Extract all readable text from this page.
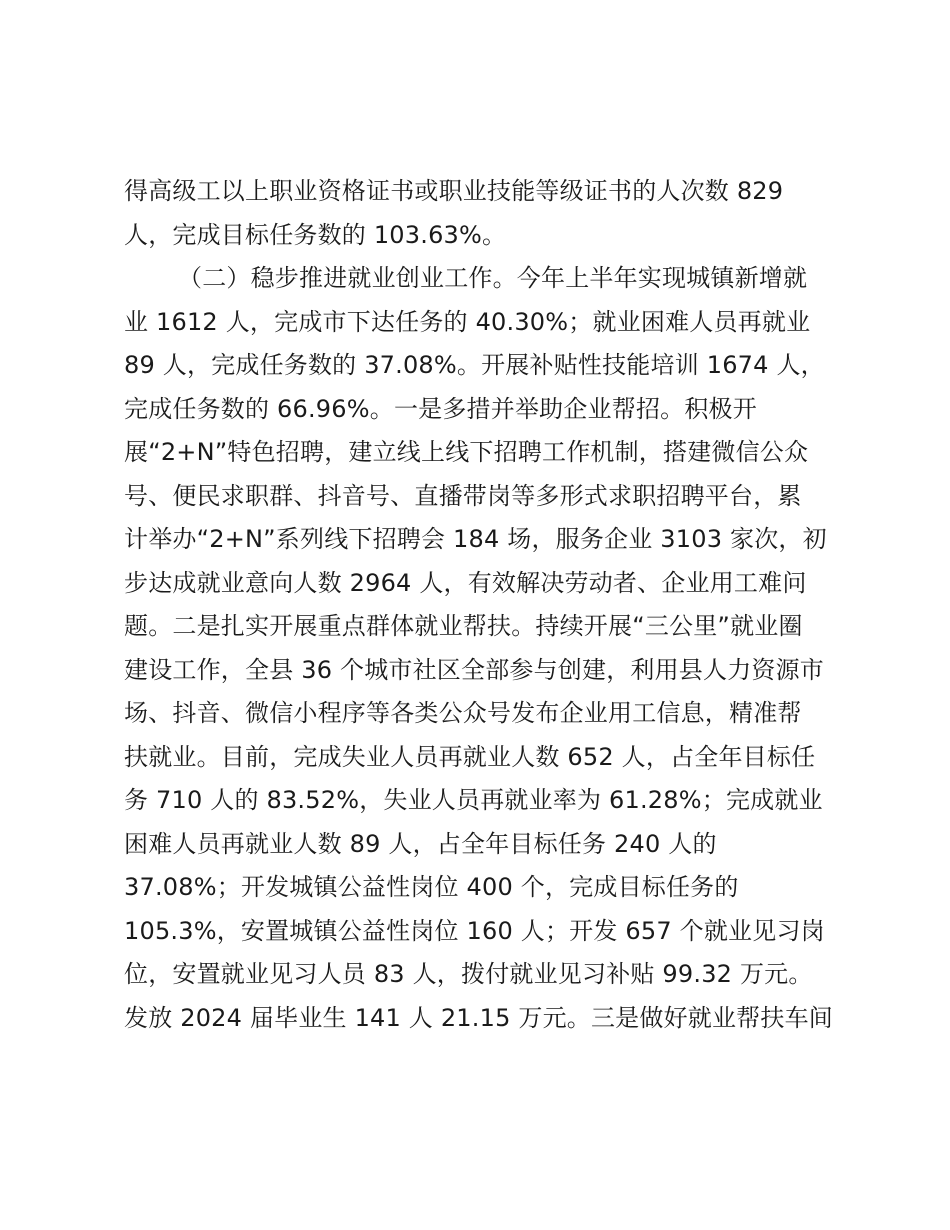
得高级工以上职业资格证书或职业技能等级证书的人次数 829
人，完成目标任务数的 103.63%。
（二）稳步推进就业创业工作。今年上半年实现城镇新增就
业 1612 人，完成市下达任务的 40.30%；就业困难人员再就业
89 人，完成任务数的 37.08%。开展补贴性技能培训 1674 人，
完成任务数的 66.96%。一是多措并举助企业帮招。积极开
展“2+N”特色招聘，建立线上线下招聘工作机制，搭建微信公众
号、便民求职群、抖音号、直播带岗等多形式求职招聘平台，累
计举办“2+N”系列线下招聘会 184 场，服务企业 3103 家次，初
步达成就业意向人数 2964 人，有效解决劳动者、企业用工难问
题。二是扎实开展重点群体就业帮扶。持续开展“三公里”就业圈
建设工作，全县 36 个城市社区全部参与创建，利用县人力资源市
场、抖音、微信小程序等各类公众号发布企业用工信息，精准帮
扶就业。目前，完成失业人员再就业人数 652 人，占全年目标任
务 710 人的 83.52%，失业人员再就业率为 61.28%；完成就业
困难人员再就业人数 89 人，占全年目标任务 240 人的
37.08%；开发城镇公益性岗位 400 个，完成目标任务的
105.3%，安置城镇公益性岗位 160 人；开发 657 个就业见习岗
位，安置就业见习人员 83 人，拨付就业见习补贴 99.32 万元。
发放 2024 届毕业生 141 人 21.15 万元。三是做好就业帮扶车间
